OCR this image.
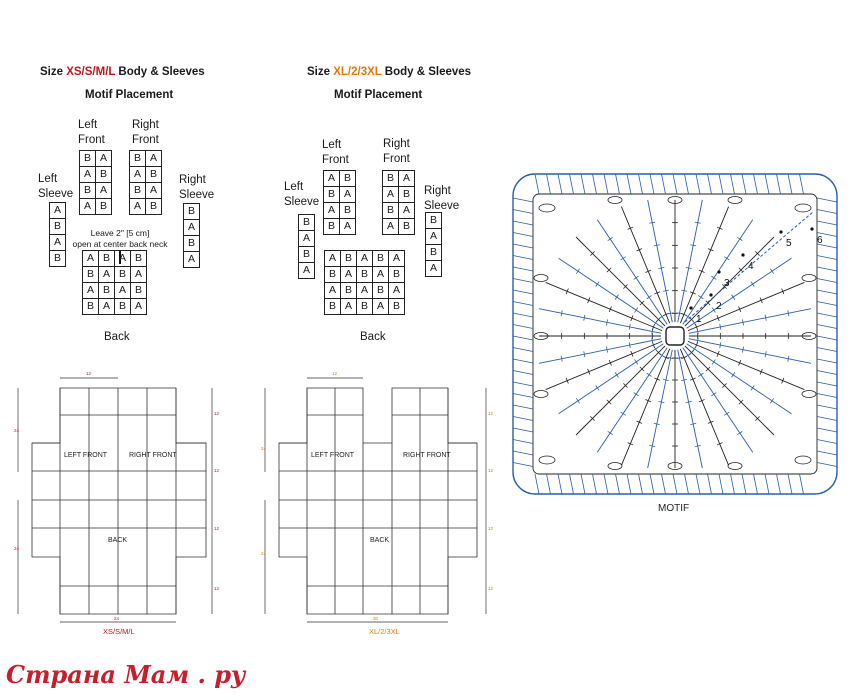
Size XS/S/M/L Body & Sleeves
Motif Placement
Left
Front
Right
Front
Left
Sleeve
Right
Sleeve
B	A
A	B
B	A
A	B
B	A
A	B
B	A
A	B
A
B
A
B
B
A
B
A
Leave 2" [5 cm]
open at center back neck
A	B	A	B
B	A	B	A
A	B	A	B
B	A	B	A
Back
Size XL/2/3XL Body & Sleeves
Motif Placement
Left
Front
Right
Front
Left
Sleeve
Right
Sleeve
A	B
B	A
A	B
B	A
B	A
A	B
B	A
A	B
B
A
B
A
B
A
B
A
A	B	A	B	A
B	A	B	A	B
A	B	A	B	A
B	A	B	A	B
Back
12
24
24
12
12
12
12
24
LEFT FRONT	RIGHT FRONT
BACK
XS/S/M/L
12
24
24
12
12
12
12
30
LEFT FRONT	RIGHT FRONT
BACK
XL/2/3XL
1
2
3
4
5	6
MOTIF
Страна Мам . ру
